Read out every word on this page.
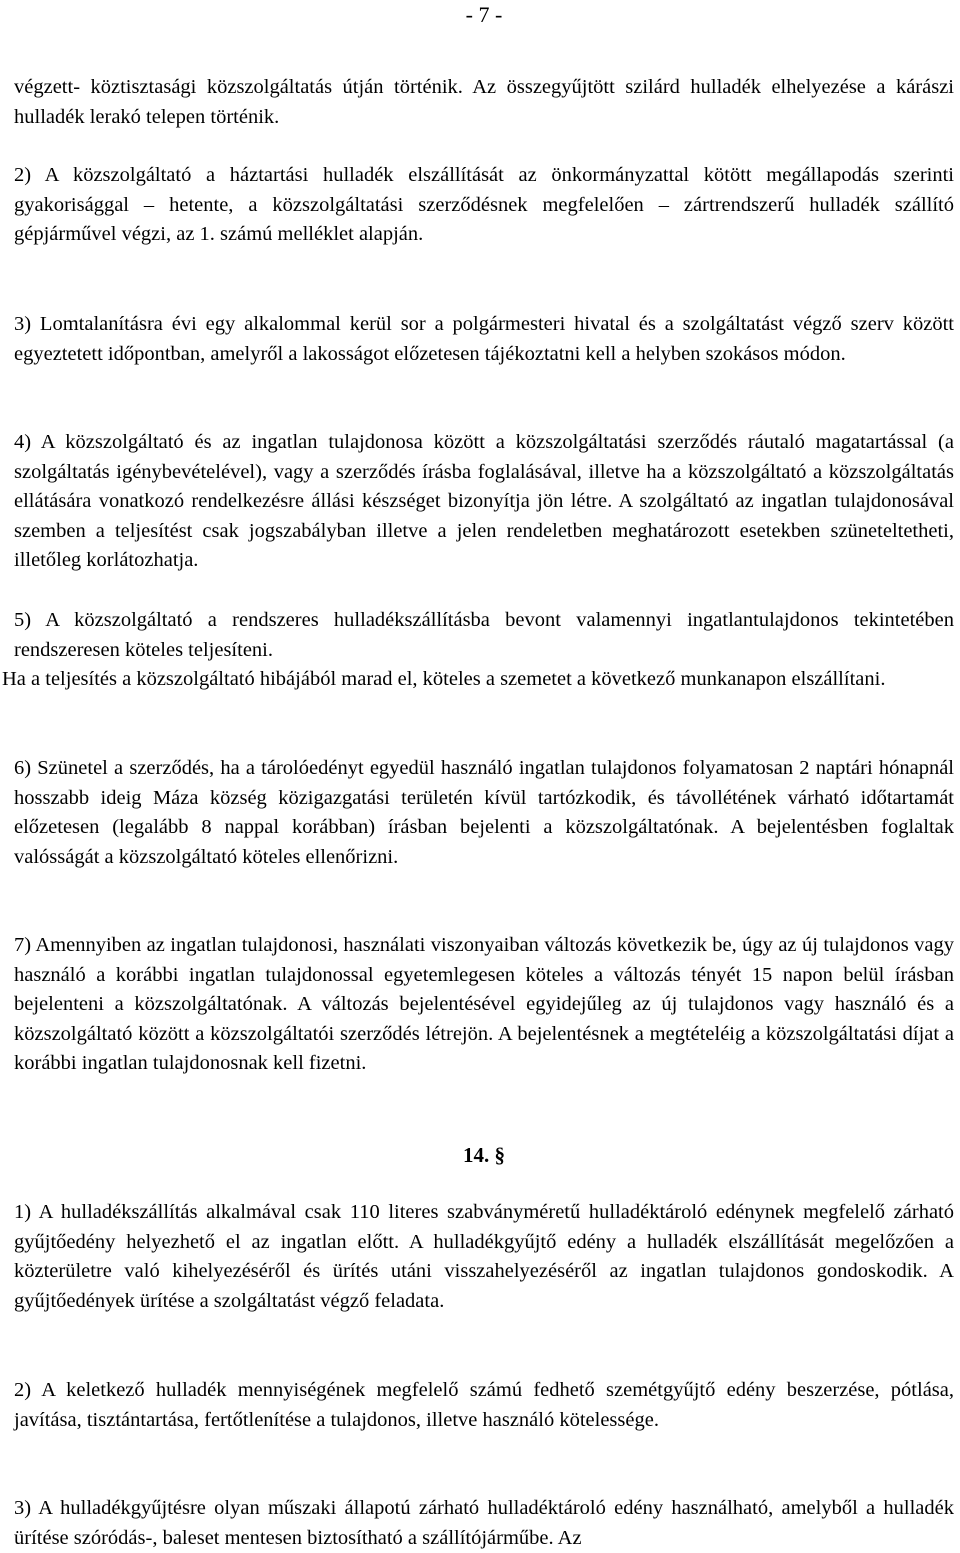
- 7 -

végzett- köztisztasági közszolgáltatás útján történik. Az összegyűjtött szilárd hulladék elhelyezése a kárászi hulladék lerakó telepen történik.

2) A közszolgáltató a háztartási hulladék elszállítását az önkormányzattal kötött megállapodás szerinti gyakorisággal – hetente, a közszolgáltatási szerződésnek megfelelően – zártrendszerű hulladék szállító gépjárművel végzi, az 1. számú melléklet alapján.

3) Lomtalanításra évi egy alkalommal kerül sor a polgármesteri hivatal és a szolgáltatást végző szerv között egyeztetett időpontban, amelyről a lakosságot előzetesen tájékoztatni kell a helyben szokásos módon.

4) A közszolgáltató és az ingatlan tulajdonosa között a közszolgáltatási szerződés ráutaló magatartással (a szolgáltatás igénybevételével), vagy a szerződés írásba foglalásával, illetve ha a közszolgáltató a közszolgáltatás ellátására vonatkozó rendelkezésre állási készséget bizonyítja jön létre. A szolgáltató az ingatlan tulajdonosával szemben a teljesítést csak jogszabályban illetve a jelen rendeletben meghatározott esetekben szüneteltetheti, illetőleg korlátozhatja.

5) A közszolgáltató a rendszeres hulladékszállításba bevont valamennyi ingatlantulajdonos tekintetében rendszeresen köteles teljesíteni.

Ha a teljesítés a közszolgáltató hibájából marad el, köteles a szemetet a következő munkanapon elszállítani.

6) Szünetel a szerződés, ha a tárolóedényt egyedül használó ingatlan tulajdonos folyamatosan 2 naptári hónapnál hosszabb ideig Máza község közigazgatási területén kívül tartózkodik, és távollétének várható időtartamát előzetesen (legalább 8 nappal korábban) írásban bejelenti a közszolgáltatónak. A bejelentésben foglaltak valósságát a közszolgáltató köteles ellenőrizni.

7) Amennyiben az ingatlan tulajdonosi, használati viszonyaiban változás következik be, úgy az új tulajdonos vagy használó a korábbi ingatlan tulajdonossal egyetemlegesen köteles a változás tényét 15 napon belül írásban bejelenteni a közszolgáltatónak. A változás bejelentésével egyidejűleg az új tulajdonos vagy használó és a közszolgáltató között a közszolgáltatói szerződés létrejön. A bejelentésnek a megtételéig a közszolgáltatási díjat a korábbi ingatlan tulajdonosnak kell fizetni.

14. §

1) A hulladékszállítás alkalmával csak 110 literes szabványméretű hulladéktároló edénynek megfelelő zárható gyűjtőedény helyezhető el az ingatlan előtt. A hulladékgyűjtő edény a hulladék elszállítását megelőzően a közterületre való kihelyezéséről és ürítés utáni visszahelyezéséről az ingatlan tulajdonos gondoskodik. A gyűjtőedények ürítése a szolgáltatást végző feladata.

2) A keletkező hulladék mennyiségének megfelelő számú fedhető szemétgyűjtő edény beszerzése, pótlása, javítása, tisztántartása, fertőtlenítése a tulajdonos, illetve használó kötelessége.

3) A hulladékgyűjtésre olyan műszaki állapotú zárható hulladéktároló edény használható, amelyből a hulladék ürítése szóródás-, baleset mentesen biztosítható a szállítójárműbe. Az
